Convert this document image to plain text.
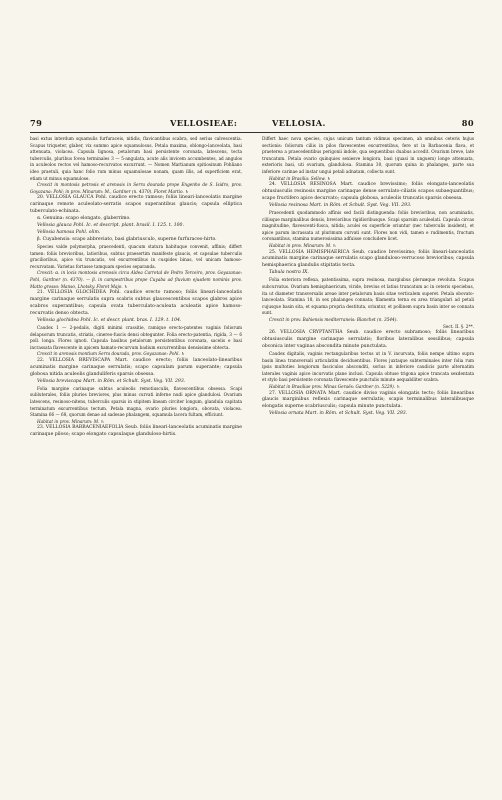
79	VELLOSIEAE:	VELLOSIA.	80

basi extus interdum squamulis furfuraceis, nitidis, flavicantibus scabra, sed serius calvescentia. Scapus triqueter, glaber, vix summo apice squamulosus. Petala maxima, oblongo-lanceolata, basi attenuata, violacea. Capsula lignosa, petalorum basi persistente coronata, latescens, tecta tuberculis, pluribus fovea terminales 3 — 5-angulata, acute alis invicem accumbentes, ad angulos in aculeolos rectos vel hamoso-recurvatos excurrunt. — Nomen Martianum spitiosinum Pohliano ideo praetuli, quia hanc folio rum minus squamulosae nonam, quam illis, ad superficiem erat, etiam ut minus squamulose.

Crescit in montosis petrosis et arenosis in Serra dourada prope Engenho de S. Isidro, prov. Goyazana: Pohl; in prov. Minarum: M., Gardner (n. 4370). Floret Martio. ♄

20. VELLOSIA GLAUCA Pohl. caudice erecto ramoso; foliis lineari-lanceolatis margine carinaque remote aculeolato-serratis scapos superantibus glaucis; capsula elliptica tuberculato-echinata.

α. Genuina: scapo elongato, glaberrimo.

Vellosia glauca Pohl. Ic. et descript. plant. brasil. I. 125. t. 100.

Vellosia hamosa Pohl. olim.

β. Cuyabensis: scapo abbreviato, basi glabriusculo, superne furfuraceo-hirto.

Species valde polymorpha, praecedenti, quacum statura habituque convenit, affinis; differt tamen: foliis brevioribus, latioribus, subtus praesertim manifeste glaucis, et capsulae tuberculis gracilioribus, apice vix truncatis, vel excurrentibus in cuspides binas, vel unicam hamoso-recurvatam. Varietas fortasse tamquam species separanda.

Crescit: α. in locis montosis arenosis circa Aldea Carretal de Pedro Terceiro, prov. Goyazanae: Pohl, Gardner (n. 4370). — β. in campestribus prope Cuyaba ad fluvium ejusdem nominis prov. Matto grosso: Manso, Lhotsky. Floret Majo. ♄

21. VELLOSIA GLOCHIDEA Pohl. caudice erecto ramoso; foliis lineari-lanceolatis margine carinaque serrulatis supra scabris subtus glaucescentibus scapos glabros apice scabros superantibus; capsula ovata tuberculatо-aculeata aculeatis apice hamoso-recurvatis denso obtecta.

Vellosia glochidea Pohl. Ic. et descr. plant. bras. I. 129. t. 104.

Caudex 1 — 2-pedalis, digiti minimi crassitie, ramique erecto-patentes vaginis foliorum delapsorum truncatis, striatis, cinereo-fuscis densi obtegunter. Folia erecto-patentia, rigida, 3 — 6 poll. longa. Flores ignoti. Capsula basibus petalorum persistentibus coronata, sacelis e basi incrassata flavescente in apicem hamato-recurvum badium excurrentibus densissime obtecta.

Crescit in arenosis montium Serra dourada, prov. Goyazanae: Pohl. ♄

22. VELLOSIA BREVISCAPA Mart. caudice erecto; foliis lanceolato-linearibus acuminatis margine carinaque serrulatis; scapo capsulam parum superante; capsula globosa nitida aculeolis glandulíferis sparsis obsessa.

Vellosia breviscapa Mart. in Röm. et Schult. Syst. Veg. VII. 293.

Folia margine carinaque subtus aculeolis remotiusculis, flavescentibus obsessa. Scapi subluterales, foliis pluries breviores, plus minus curvati inferne nudi apice glandulosi. Ovarium latescens, resinoso-nitens, tuberculis sparsis in stipitem lineam circiter longum, glandula capitata terminatum excurrentibus tectum. Petala magna, ovario pluries longiora, obovata, violacea. Stamina 66 — 68, quorum denae ad sadesae phalangem, squamula lacera fultam, efficiunt.

Habitat in prov. Minarum: M. ♄

23. VELLOSIA BARBACENIAEFOLIA Seub. foliis lineari-lanceolatis acuminatis margine carinaque piloso; scapo elongato capsulaque glanduloso-hirtis.

Differt haec nova species, cujus unicum tantum vidimus specimen, ab omnibus ceteris hujus sectionis: foliorum ciliis in pilos flavescentes excurrentibus, fere ut in Barbacenia flava, et praeterea a praecedentibus perigonii indole, qua sequentibus duabus accedit. Ovarium breve, late truncatum. Petala ovario quinquies sexiesve longiora, basi (quasi in unguem) longe attenuata, exterioris basi, uti ovarium, glandulosa. Stamina 30, quorum quina in phalanges, parte sua inferiore carinae ad instar ungui petali adnatam, collecta sunt.

Habitat in Brasilia: Sellow. ♄

24. VELLOSIA RESINOSA Mart. caudice brevissimo; foliis elongato-lanceolatis obtusiusculis resinosis margine carinaque dense serrulato-ciliatis scapos subaequantibus; scapo fructifero apice decurvato; capsula globosa, aculeolis truncatis sparsis obsessa.

Vellosia resinosa Mart. in Röm. et Schult. Syst. Veg. VII. 293.

Praecedenti quodammodo affinis sed facili distinguenda: foliis brevioribus, non acuminatis, ciliisque marginalibus densis, brevioribus rigidioribusque. Scapi sparsim aculeolati. Capsula circas magnitudine, flavescenti-fusca, nitida; aculei ex superficie oriuntur (nec tuberculis insident), et apice parum incrassata at plurimum curvati sunt. Flores non vidi, tamen e rudimentis, fructum coronantibus, stamina numerosissima adfuisse concludere licet.

Habitat in prov. Minarum: M. ♄

25. VELLOSIA HEMISPHAERICA Seub. caudice brevissimo; foliis lineari-lanceolatis acuminatis margine carinaque serrulatis scapo glanduloso-verrucoso brevioribus; capsula hemisphaerica glandulis stipitatis tecta.

Tabula nostra IX.

Folia exteriora reflexa, patentissima, supra resinosa, margiubus pleruмque revoluta. Scapus subcurvatus. Ovarium hemisphaericum, viride, brevius et latius truncatum ac in ceteris speciebus, ita ut diameter transversalis areae inter petalorum basis sitae verticalem superet. Petala obovato-lanceolata. Stamina 18, in sex phalanges connata; filamenta terna ex area triangulari ad petali cujusque basin sita, et squama propria destituta, oriuntur, et pollinem supra basin inter se connata sunt.

Crescit in prov. Bahiensis mediterraneis: Blanchet (n. 3544).

Sect. II. §. 2**.

26. VELLOSIA CRYPTANTHA Seub. caudice erecto subramoso; foliis linearibus obtusiusculis margine carinaque serrulatis; floribus lateralibus sessilibus; capsula obconica inter vaginas abscondita minute punctulata.

Caudex digitalis, vaginis rectangularibus tectus ut in V. incurvata, foliis nempe ultimo supra basin linea transversali articulatim deciduentibus. Flores juxtaque subterminales inter folia rum ipsis multoties longiorum fasciculos absconditi, sorius in inferiore caudicis parte alternatim laterales vaginis apice incurvatis plane inclusi. Capsula obtuse trigona apice truncata sexdentata et stylo basi persistente coronata flavescente punctulis minute aequabiliter scabra.

Habitat in Brasiliae prov. Minas Geraës: Gardner (n. 5229). ♄

27. VELLOSIA ORNATA Mart. caudice diviso vaginis elongatis tecto; foliis linearibus glaucis marginibus reflexis carinaque serrulatis; scapis terminalibus lateralibusque elongatis superne scabriusculis; capsula minute punctulata.

Vellosia ornata Mart. in Röm. et Schult. Syst. Veg. VII. 293.
